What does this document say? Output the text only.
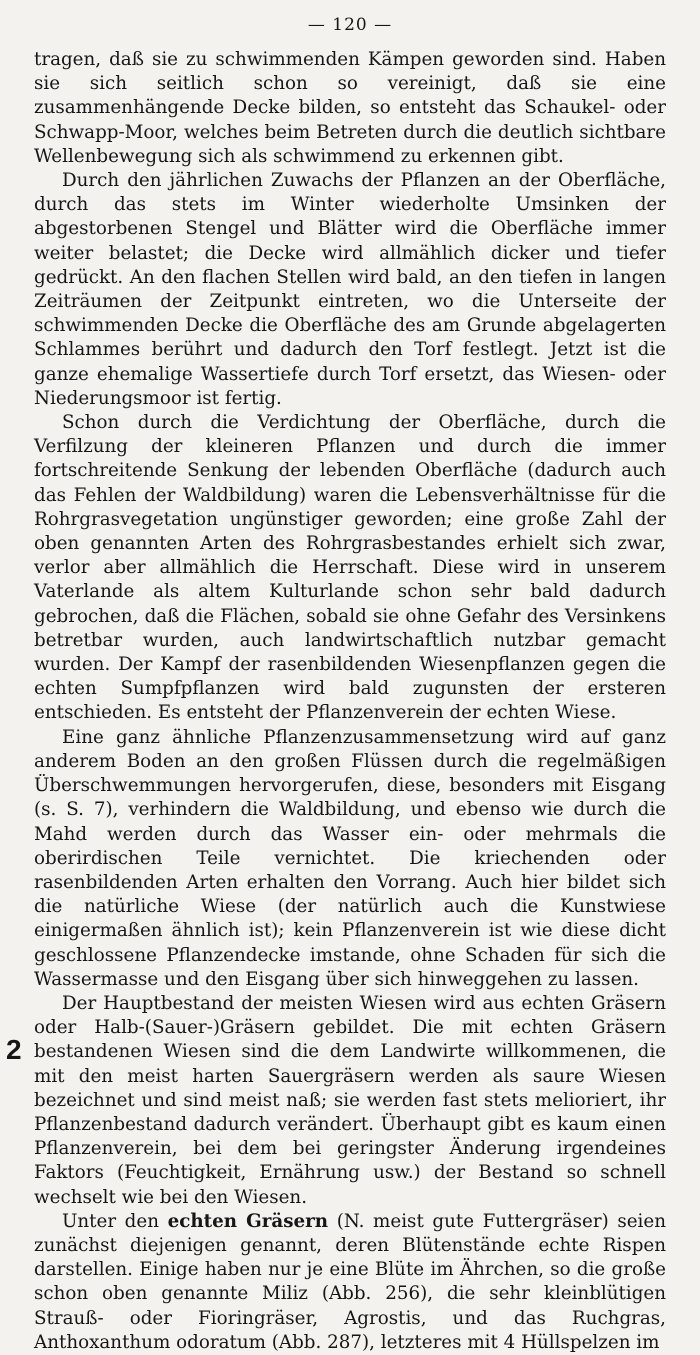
— 120 —

tragen, daß sie zu schwimmenden Kämpen geworden sind. Haben sie sich seitlich schon so vereinigt, daß sie eine zusammenhängende Decke bilden, so entsteht das Schaukel- oder Schwapp-Moor, welches beim Betreten durch die deutlich sichtbare Wellenbewegung sich als schwimmend zu erkennen gibt.

Durch den jährlichen Zuwachs der Pflanzen an der Oberfläche, durch das stets im Winter wiederholte Umsinken der abgestorbenen Stengel und Blätter wird die Oberfläche immer weiter belastet; die Decke wird allmählich dicker und tiefer gedrückt. An den flachen Stellen wird bald, an den tiefen in langen Zeiträumen der Zeitpunkt eintreten, wo die Unterseite der schwimmenden Decke die Oberfläche des am Grunde abgelagerten Schlammes berührt und dadurch den Torf festlegt. Jetzt ist die ganze ehemalige Wassertiefe durch Torf ersetzt, das Wiesen- oder Niederungsmoor ist fertig.

Schon durch die Verdichtung der Oberfläche, durch die Verfilzung der kleineren Pflanzen und durch die immer fortschreitende Senkung der lebenden Oberfläche (dadurch auch das Fehlen der Waldbildung) waren die Lebensverhältnisse für die Rohrgrasvegetation ungünstiger geworden; eine große Zahl der oben genannten Arten des Rohrgrasbestandes erhielt sich zwar, verlor aber allmählich die Herrschaft. Diese wird in unserem Vaterlande als altem Kulturlande schon sehr bald dadurch gebrochen, daß die Flächen, sobald sie ohne Gefahr des Versinkens betretbar wurden, auch landwirtschaftlich nutzbar gemacht wurden. Der Kampf der rasenbildenden Wiesenpflanzen gegen die echten Sumpfpflanzen wird bald zugunsten der ersteren entschieden. Es entsteht der Pflanzenverein der echten Wiese.

Eine ganz ähnliche Pflanzenzusammensetzung wird auf ganz anderem Boden an den großen Flüssen durch die regelmäßigen Überschwemmungen hervorgerufen, diese, besonders mit Eisgang (s. S. 7), verhindern die Waldbildung, und ebenso wie durch die Mahd werden durch das Wasser ein- oder mehrmals die oberirdischen Teile vernichtet. Die kriechenden oder rasenbildenden Arten erhalten den Vorrang. Auch hier bildet sich die natürliche Wiese (der natürlich auch die Kunstwiese einigermaßen ähnlich ist); kein Pflanzenverein ist wie diese dicht geschlossene Pflanzendecke imstande, ohne Schaden für sich die Wassermasse und den Eisgang über sich hinweggehen zu lassen.

Der Hauptbestand der meisten Wiesen wird aus echten Gräsern oder Halb-(Sauer-)Gräsern gebildet. Die mit echten Gräsern bestandenen Wiesen sind die dem Landwirte willkommenen, die mit den meist harten Sauergräsern werden als saure Wiesen bezeichnet und sind meist naß; sie werden fast stets melioriert, ihr Pflanzenbestand dadurch verändert. Überhaupt gibt es kaum einen Pflanzenverein, bei dem bei geringster Änderung irgendeines Faktors (Feuchtigkeit, Ernährung usw.) der Bestand so schnell wechselt wie bei den Wiesen.

Unter den echten Gräsern (N. meist gute Futtergräser) seien zunächst diejenigen genannt, deren Blütenstände echte Rispen darstellen. Einige haben nur je eine Blüte im Ährchen, so die große schon oben genannte Miliz (Abb. 256), die sehr kleinblütigen Strauß- oder Fioringräser, Agrostis, und das Ruchgras, Anthoxanthum odoratum (Abb. 287), letzteres mit 4 Hüllspelzen im

2
